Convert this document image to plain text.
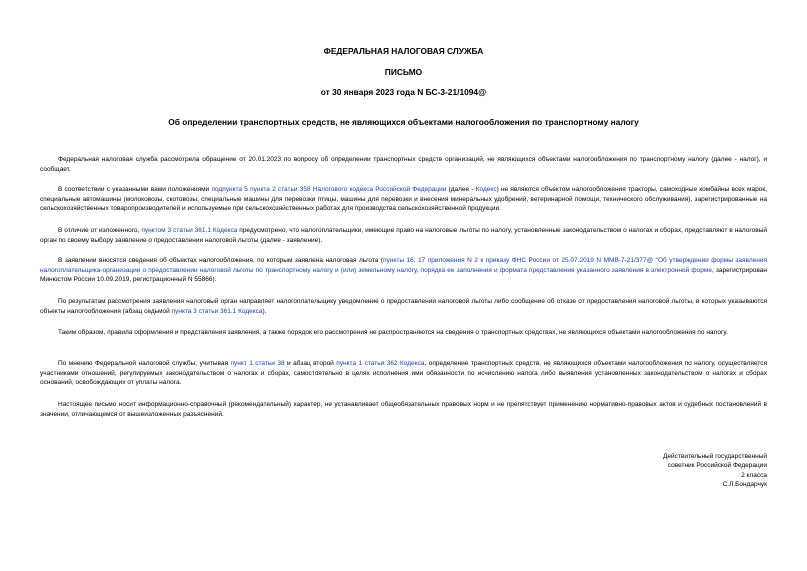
ФЕДЕРАЛЬНАЯ НАЛОГОВАЯ СЛУЖБА
ПИСЬМО
от 30 января 2023 года N БС-3-21/1094@
Об определении транспортных средств, не являющихся объектами налогообложения по транспортному налогу
Федеральная налоговая служба рассмотрела обращение от 20.01.2023 по вопросу об определении транспортных средств организаций, не являющихся объектами налогообложения по транспортному налогу (далее - налог), и сообщает.
В соответствии с указанными вами положениями подпункта 5 пункта 2 статьи 358 Налогового кодекса Российской Федерации (далее - Кодекс) не являются объектом налогообложения тракторы, самоходные комбайны всех марок, специальные автомашины (молоковозы, скотовозы, специальные машины для перевозки птицы, машины для перевозки и внесения минеральных удобрений, ветеринарной помощи, технического обслуживания), зарегистрированные на сельскохозяйственных товаропроизводителей и используемые при сельскохозяйственных работах для производства сельскохозяйственной продукции.
В отличие от изложенного, пунктом 3 статьи 361.1 Кодекса предусмотрено, что налогоплательщики, имеющие право на налоговые льготы по налогу, установленные законодательством о налогах и сборах, представляют в налоговый орган по своему выбору заявление о предоставлении налоговой льготы (далее - заявление).
В заявлении вносятся сведения об объектах налогообложения, по которым заявлена налоговая льгота (пункты 16, 17 приложения N 2 к приказу ФНС России от 25.07.2019 N ММВ-7-21/377@ "Об утверждении формы заявления налогоплательщика-организации о предоставлении налоговой льготы по транспортному налогу и (или) земельному налогу, порядка ее заполнения и формата представления указанного заявления в электронной форме, зарегистрирован Минюстом России 10.09.2019, регистрационный N 55866).
По результатам рассмотрения заявления налоговый орган направляет налогоплательщику уведомление о предоставлении налоговой льготы либо сообщение об отказе от предоставления налоговой льготы, в которых указываются объекты налогообложения (абзац седьмой пункта 3 статьи 361.1 Кодекса).
Таким образом, правила оформления и представления заявления, а также порядок его рассмотрения не распространяются на сведения о транспортных средствах, не являющихся объектами налогообложения по налогу.
По мнению Федеральной налоговой службы, учитывая пункт 1 статьи 38 и абзац второй пункта 1 статьи 362 Кодекса, определение транспортных средств, не являющихся объектами налогообложения по налогу, осуществляется участниками отношений, регулируемых законодательством о налогах и сборах, самостоятельно в целях исполнения ими обязанности по исчислению налога либо выявления установленных законодательством о налогах и сборах оснований, освобождающих от уплаты налога.
Настоящее письмо носит информационно-справочный (рекомендательный) характер, не устанавливает общеобязательных правовых норм и не препятствует применению нормативно-правовых актов и судебных постановлений в значении, отличающемся от вышеизложенных разъяснений.
Действительный государственный
советник Российской Федерации
2 класса
С.Л.Бондарчук
